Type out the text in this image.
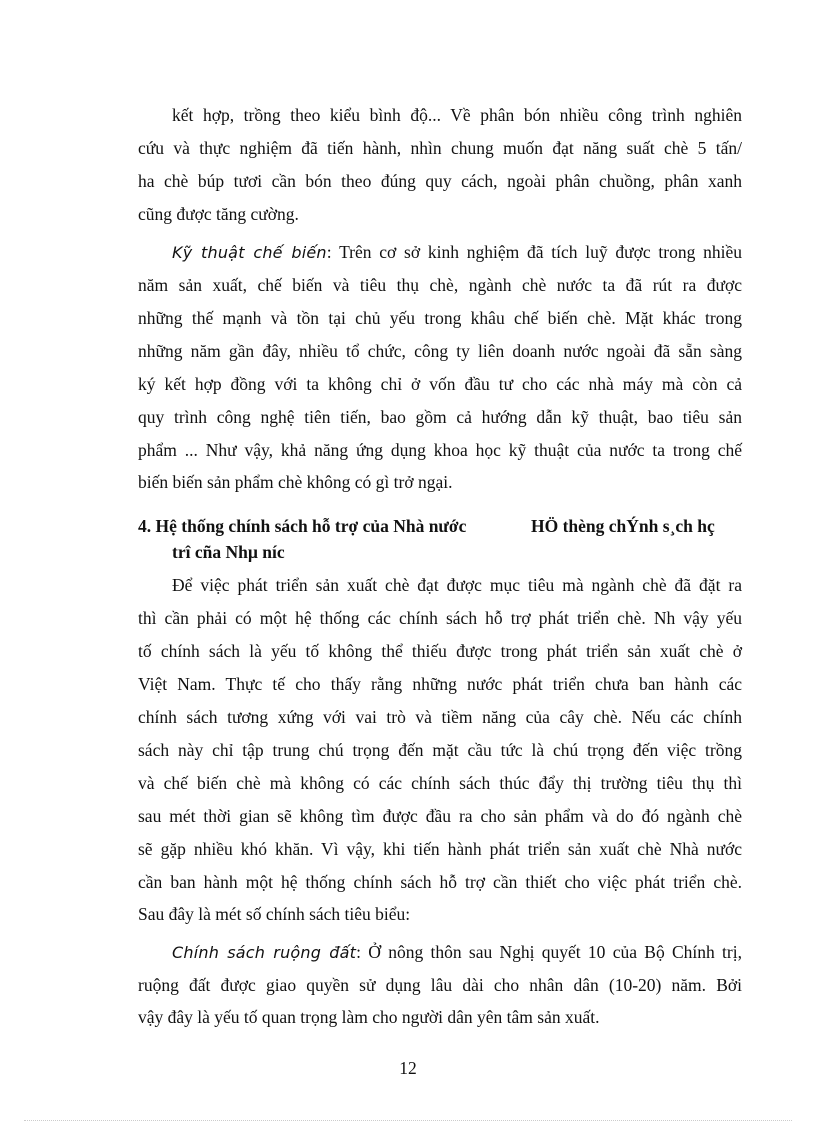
kết hợp, trồng theo kiểu bình độ... Về phân bón nhiều công trình nghiên
cứu và thực nghiệm đã tiến hành, nhìn chung muốn đạt năng suất chè 5 tấn/
ha chè búp tươi cần bón theo đúng quy cách, ngoài phân chuồng, phân xanh
cũng được tăng cường.
Kỹ thuật chế biến: Trên cơ sở kinh nghiệm đã tích luỹ được trong nhiều
năm sản xuất, chế biến và tiêu thụ chè, ngành chè nước ta đã rút ra được
những thế mạnh và tồn tại chủ yếu trong khâu chế biến chè. Mặt khác trong
những năm gần đây, nhiều tổ chức, công ty liên doanh nước ngoài đã sẵn sàng
ký kết hợp đồng với ta không chỉ ở vốn đầu tư cho các nhà máy mà còn cả
quy trình công nghệ tiên tiến, bao gồm cả hướng dẫn kỹ thuật, bao tiêu sản
phẩm ... Như vậy, khả năng ứng dụng khoa học kỹ thuật của nước ta trong chế
biến biến sản phẩm chè không có gì trở ngại.
4. Hệ thống chính sách hỗ trợ của Nhà nước	HÖ thèng chÝnh s¸ch hç
trî cña Nhµ níc
Để việc phát triển sản xuất chè đạt được mục tiêu mà ngành chè đã đặt ra
thì cần phải có một hệ thống các chính sách hỗ trợ phát triển chè. Nh vậy yếu
tố chính sách là yếu tố không thể thiếu được trong phát triển sản xuất chè ở
Việt Nam. Thực tế cho thấy rằng những nước phát triển chưa ban hành các
chính sách tương xứng với vai trò và tiềm năng của cây chè. Nếu các chính
sách này chỉ tập trung chú trọng đến mặt cầu tức là chú trọng đến việc trồng
và chế biến chè mà không có các chính sách thúc đẩy thị trường tiêu thụ thì
sau mét thời gian sẽ không tìm được đầu ra cho sản phẩm và do đó ngành chè
sẽ gặp nhiều khó khăn. Vì vậy, khi tiến hành phát triển sản xuất chè Nhà nước
cần ban hành một hệ thống chính sách hỗ trợ cần thiết cho việc phát triển chè.
Sau đây là mét số chính sách tiêu biểu:
Chính sách ruộng đất: Ở nông thôn sau Nghị quyết 10 của Bộ Chính trị,
ruộng đất được giao quyền sử dụng lâu dài cho nhân dân (10-20) năm. Bởi
vậy đây là yếu tố quan trọng làm cho người dân yên tâm sản xuất.
12
